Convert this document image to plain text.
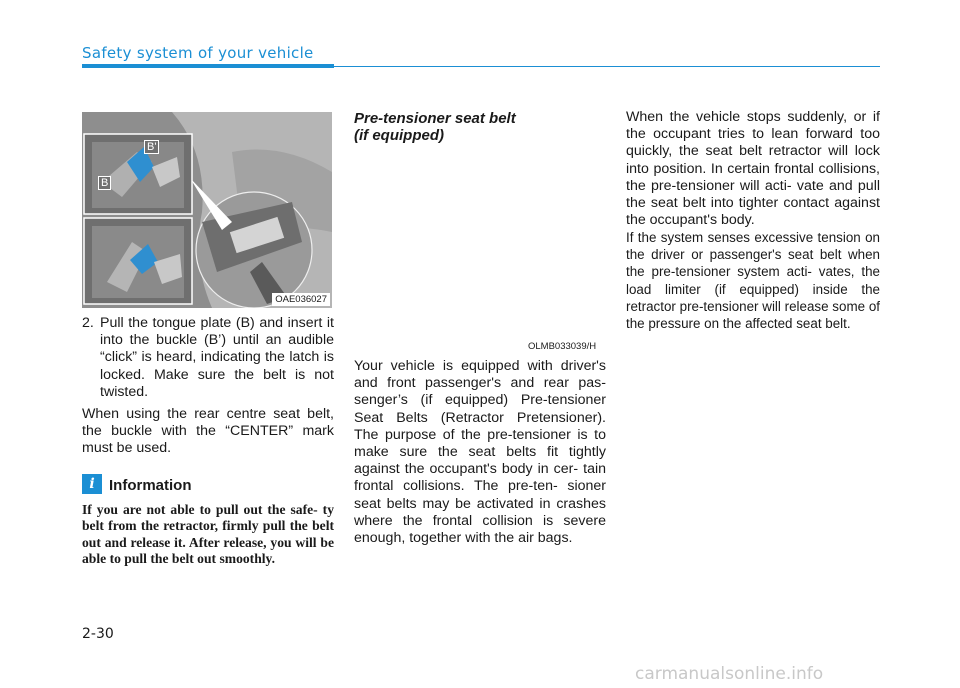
Safety system of your vehicle
B'
B
OAE036027
2. Pull the tongue plate (B) and insert it into the buckle (B’) until an audible “click” is heard, indicating the latch is locked. Make sure the belt is not twisted.
When using the rear centre seat belt, the buckle with the “CENTER” mark must be used.
i Information
If you are not able to pull out the safe- ty belt from the retractor, firmly pull the belt out and release it. After release, you will be able to pull the belt out smoothly.
Pre-tensioner seat belt
(if equipped)
OLMB033039/H
Your vehicle is equipped with driver's and front passenger's and rear pas- senger’s (if equipped) Pre-tensioner Seat Belts (Retractor Pretensioner). The purpose of the pre-tensioner is to make sure the seat belts fit tightly against the occupant's body in cer- tain frontal collisions. The pre-ten- sioner seat belts may be activated in crashes where the frontal collision is severe enough, together with the air bags.
When the vehicle stops suddenly, or if the occupant tries to lean forward too quickly, the seat belt retractor will lock into position. In certain frontal collisions, the pre-tensioner will acti- vate and pull the seat belt into tighter contact against the occupant's body.
If the system senses excessive tension on the driver or passenger's seat belt when the pre-tensioner system acti- vates, the load limiter (if equipped) inside the retractor pre-tensioner will release some of the pressure on the affected seat belt.
2-30
carmanualsonline.info
